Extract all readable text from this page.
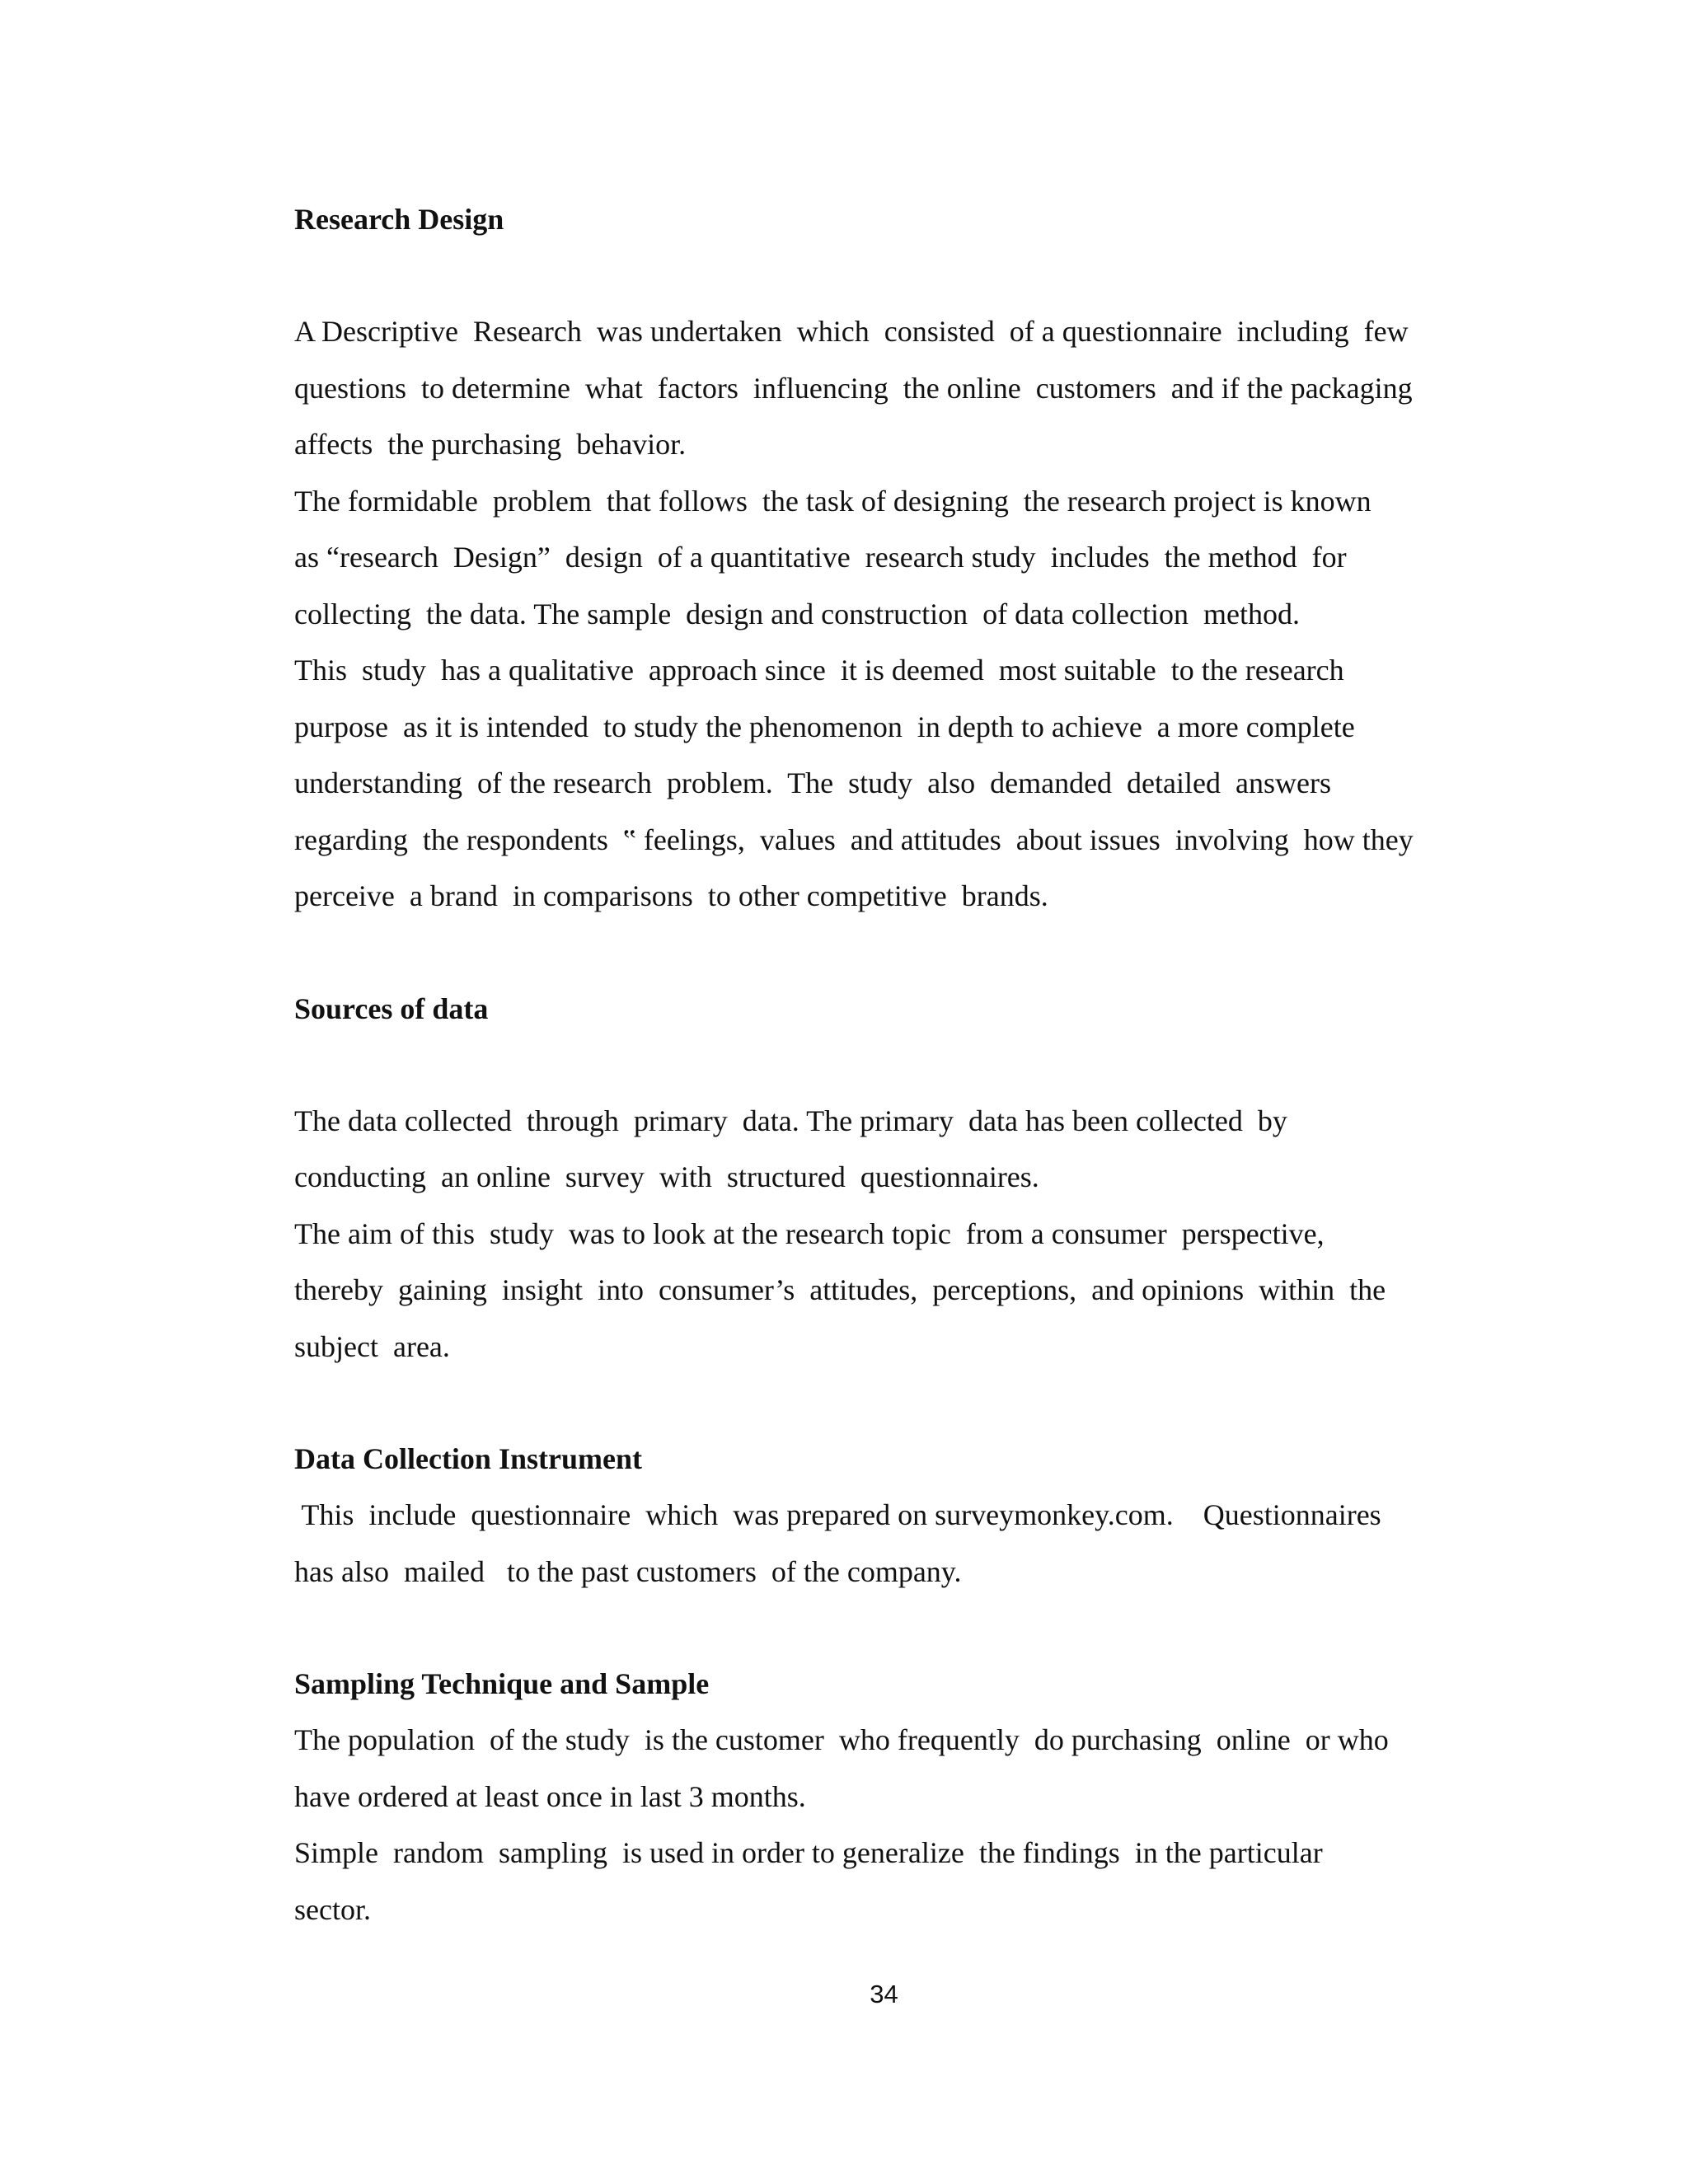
Research Design

A Descriptive  Research  was undertaken  which  consisted  of a questionnaire  including  few

questions  to determine  what  factors  influencing  the online  customers  and if the packaging

affects  the purchasing  behavior.

The formidable  problem  that follows  the task of designing  the research project is known

as “research  Design”  design  of a quantitative  research study  includes  the method  for

collecting  the data. The sample  design and construction  of data collection  method.

This  study  has a qualitative  approach since  it is deemed  most suitable  to the research

purpose  as it is intended  to study the phenomenon  in depth to achieve  a more complete

understanding  of the research  problem.  The  study  also  demanded  detailed  answers

regarding  the respondents  ‟ feelings,  values  and attitudes  about issues  involving  how they

perceive  a brand  in comparisons  to other competitive  brands.

Sources of data

The data collected  through  primary  data. The primary  data has been collected  by

conducting  an online  survey  with  structured  questionnaires.

The aim of this  study  was to look at the research topic  from a consumer  perspective,

thereby  gaining  insight  into  consumer’s  attitudes,  perceptions,  and opinions  within  the

subject  area.

Data Collection Instrument

This  include  questionnaire  which  was prepared on surveymonkey.com.    Questionnaires

has also  mailed   to the past customers  of the company.

Sampling Technique and Sample

The population  of the study  is the customer  who frequently  do purchasing  online  or who

have ordered at least once in last 3 months.

Simple  random  sampling  is used in order to generalize  the findings  in the particular

sector.

34
